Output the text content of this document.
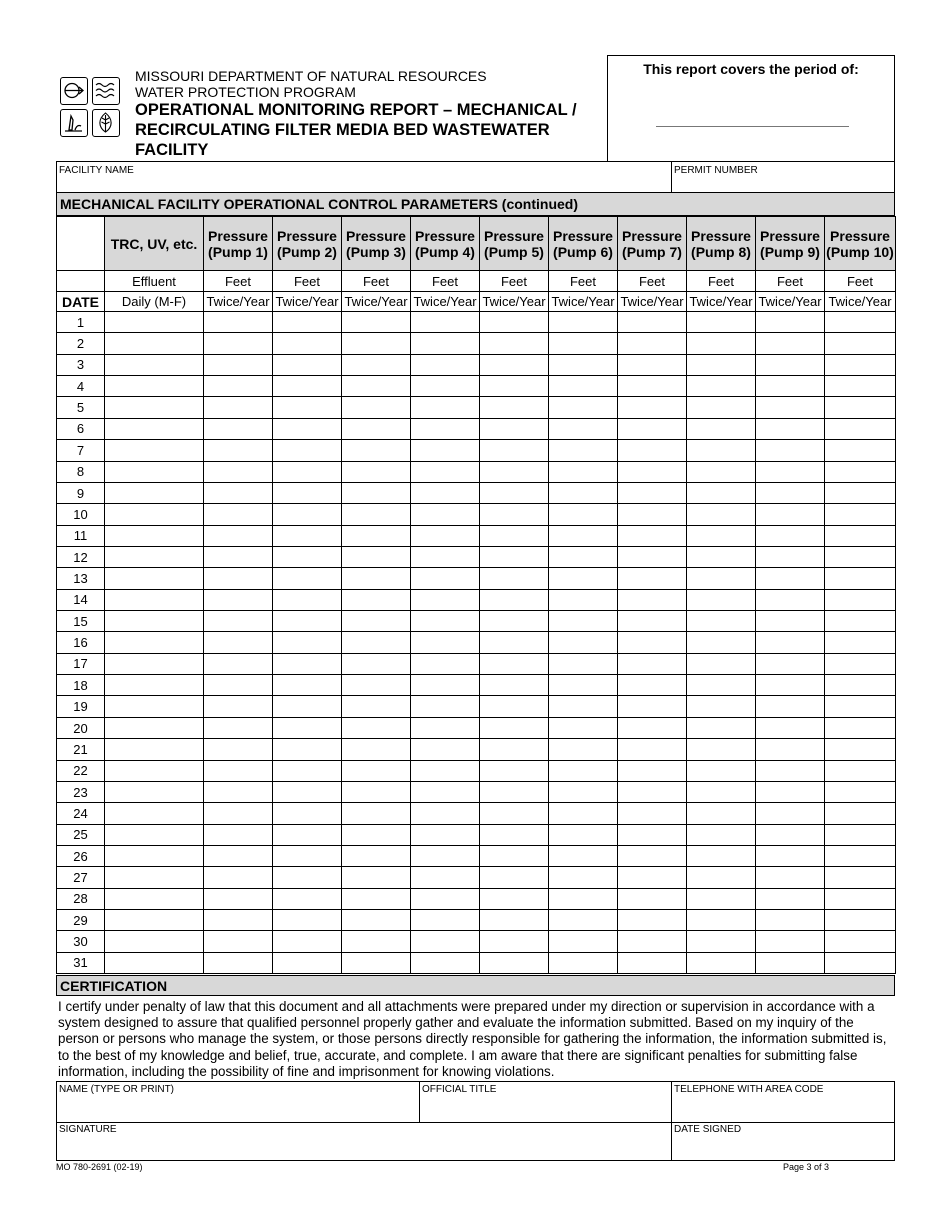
MISSOURI DEPARTMENT OF NATURAL RESOURCES
WATER PROTECTION PROGRAM
OPERATIONAL MONITORING REPORT – MECHANICAL /
RECIRCULATING FILTER MEDIA BED WASTEWATER
FACILITY
This report covers the period of:
FACILITY NAME	PERMIT NUMBER
MECHANICAL FACILITY OPERATIONAL CONTROL PARAMETERS (continued)
	TRC, UV, etc.	Pressure (Pump 1)	Pressure (Pump 2)	Pressure (Pump 3)	Pressure (Pump 4)	Pressure (Pump 5)	Pressure (Pump 6)	Pressure (Pump 7)	Pressure (Pump 8)	Pressure (Pump 9)	Pressure (Pump 10)
	Effluent	Feet	Feet	Feet	Feet	Feet	Feet	Feet	Feet	Feet	Feet
DATE	Daily (M-F)	Twice/Year	Twice/Year	Twice/Year	Twice/Year	Twice/Year	Twice/Year	Twice/Year	Twice/Year	Twice/Year	Twice/Year
1											
2											
3											
4											
5											
6											
7											
8											
9											
10											
11											
12											
13											
14											
15											
16											
17											
18											
19											
20											
21											
22											
23											
24											
25											
26											
27											
28											
29											
30											
31											
CERTIFICATION
I certify under penalty of law that this document and all attachments were prepared under my direction or supervision in accordance with a system designed to assure that qualified personnel properly gather and evaluate the information submitted. Based on my inquiry of the person or persons who manage the system, or those persons directly responsible for gathering the information, the information submitted is, to the best of my knowledge and belief, true, accurate, and complete. I am aware that there are significant penalties for submitting false information, including the possibility of fine and imprisonment for knowing violations.
NAME (TYPE OR PRINT)	OFFICIAL TITLE	TELEPHONE WITH AREA CODE
SIGNATURE	DATE SIGNED
MO 780-2691 (02-19)	Page 3 of 3
